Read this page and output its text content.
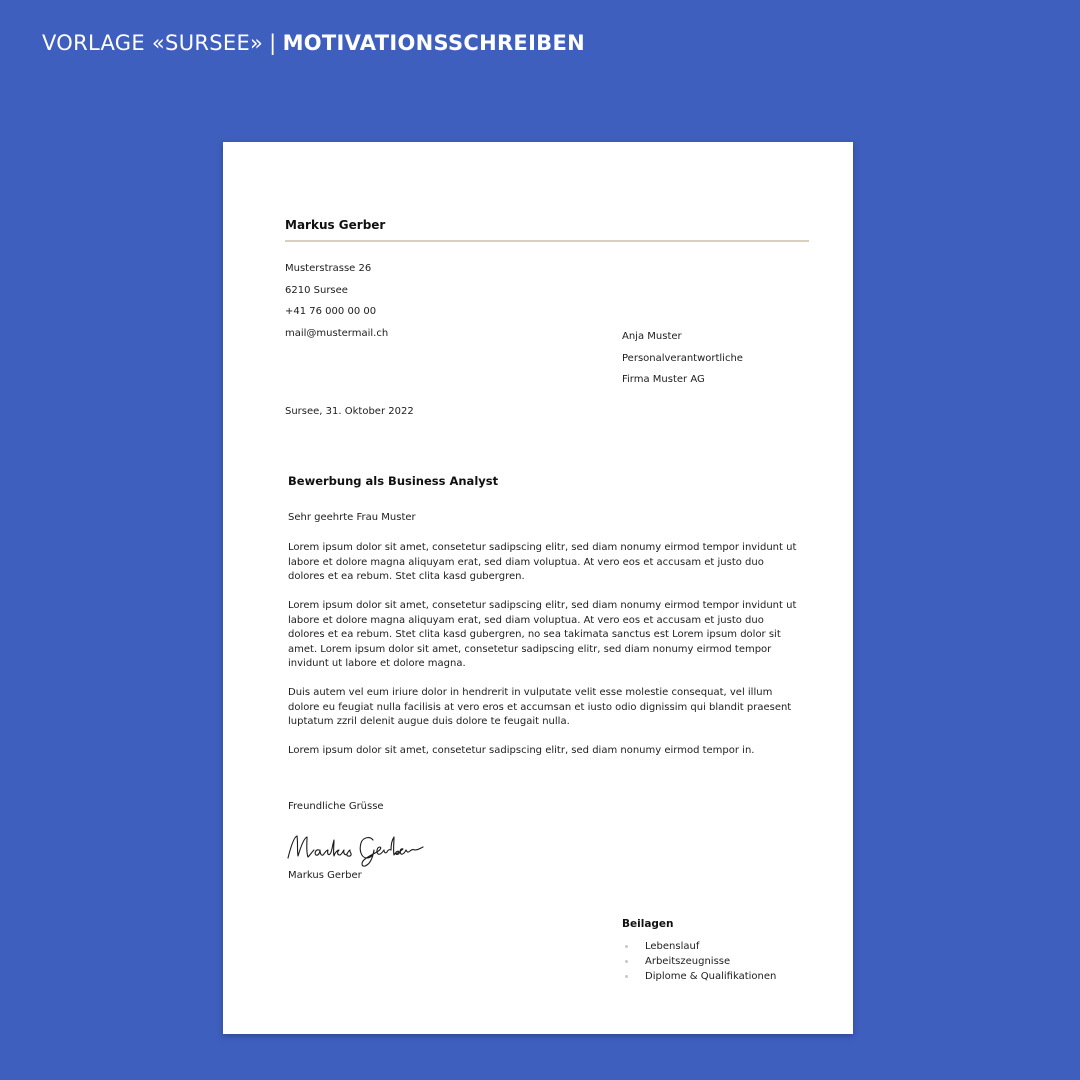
VORLAGE «SURSEE» | MOTIVATIONSSCHREIBEN
Markus Gerber
Musterstrasse 26
6210 Sursee
+41 76 000 00 00
mail@mustermail.ch	Anja Muster
Personalverantwortliche
Firma Muster AG
Sursee, 31. Oktober 2022
Bewerbung als Business Analyst
Sehr geehrte Frau Muster

Lorem ipsum dolor sit amet, consetetur sadipscing elitr, sed diam nonumy eirmod tempor invidunt ut labore et dolore magna aliquyam erat, sed diam voluptua. At vero eos et accusam et justo duo dolores et ea rebum. Stet clita kasd gubergren.

Lorem ipsum dolor sit amet, consetetur sadipscing elitr, sed diam nonumy eirmod tempor invidunt ut labore et dolore magna aliquyam erat, sed diam voluptua. At vero eos et accusam et justo duo dolores et ea rebum. Stet clita kasd gubergren, no sea takimata sanctus est Lorem ipsum dolor sit amet. Lorem ipsum dolor sit amet, consetetur sadipscing elitr, sed diam nonumy eirmod tempor invidunt ut labore et dolore magna.

Duis autem vel eum iriure dolor in hendrerit in vulputate velit esse molestie consequat, vel illum dolore eu feugiat nulla facilisis at vero eros et accumsan et iusto odio dignissim qui blandit praesent luptatum zzril delenit augue duis dolore te feugait nulla.

Lorem ipsum dolor sit amet, consetetur sadipscing elitr, sed diam nonumy eirmod tempor in.

Freundliche Grüsse
Markus Gerber
Beilagen
Lebenslauf
Arbeitszeugnisse
Diplome & Qualifikationen
